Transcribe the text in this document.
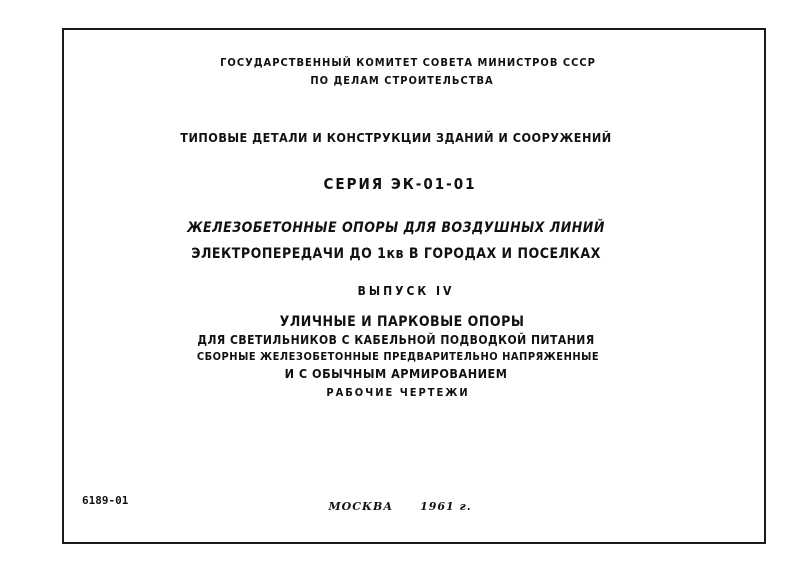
ГОСУДАРСТВЕННЫЙ КОМИТЕТ СОВЕТА МИНИСТРОВ СССР
ПО ДЕЛАМ СТРОИТЕЛЬСТВА
ТИПОВЫЕ ДЕТАЛИ И КОНСТРУКЦИИ ЗДАНИЙ И СООРУЖЕНИЙ
СЕРИЯ ЭК-01-01
ЖЕЛЕЗОБЕТОННЫЕ ОПОРЫ ДЛЯ ВОЗДУШНЫХ ЛИНИЙ
ЭЛЕКТРОПЕРЕДАЧИ ДО 1кв В ГОРОДАХ И ПОСЕЛКАХ
ВЫПУСК IV
УЛИЧНЫЕ И ПАРКОВЫЕ ОПОРЫ
ДЛЯ СВЕТИЛЬНИКОВ С КАБЕЛЬНОЙ ПОДВОДКОЙ ПИТАНИЯ
СБОРНЫЕ ЖЕЛЕЗОБЕТОННЫЕ ПРЕДВАРИТЕЛЬНО НАПРЯЖЕННЫЕ
И С ОБЫЧНЫМ АРМИРОВАНИЕМ
РАБОЧИЕ ЧЕРТЕЖИ
6189-01	МОСКВА 1961 г.
